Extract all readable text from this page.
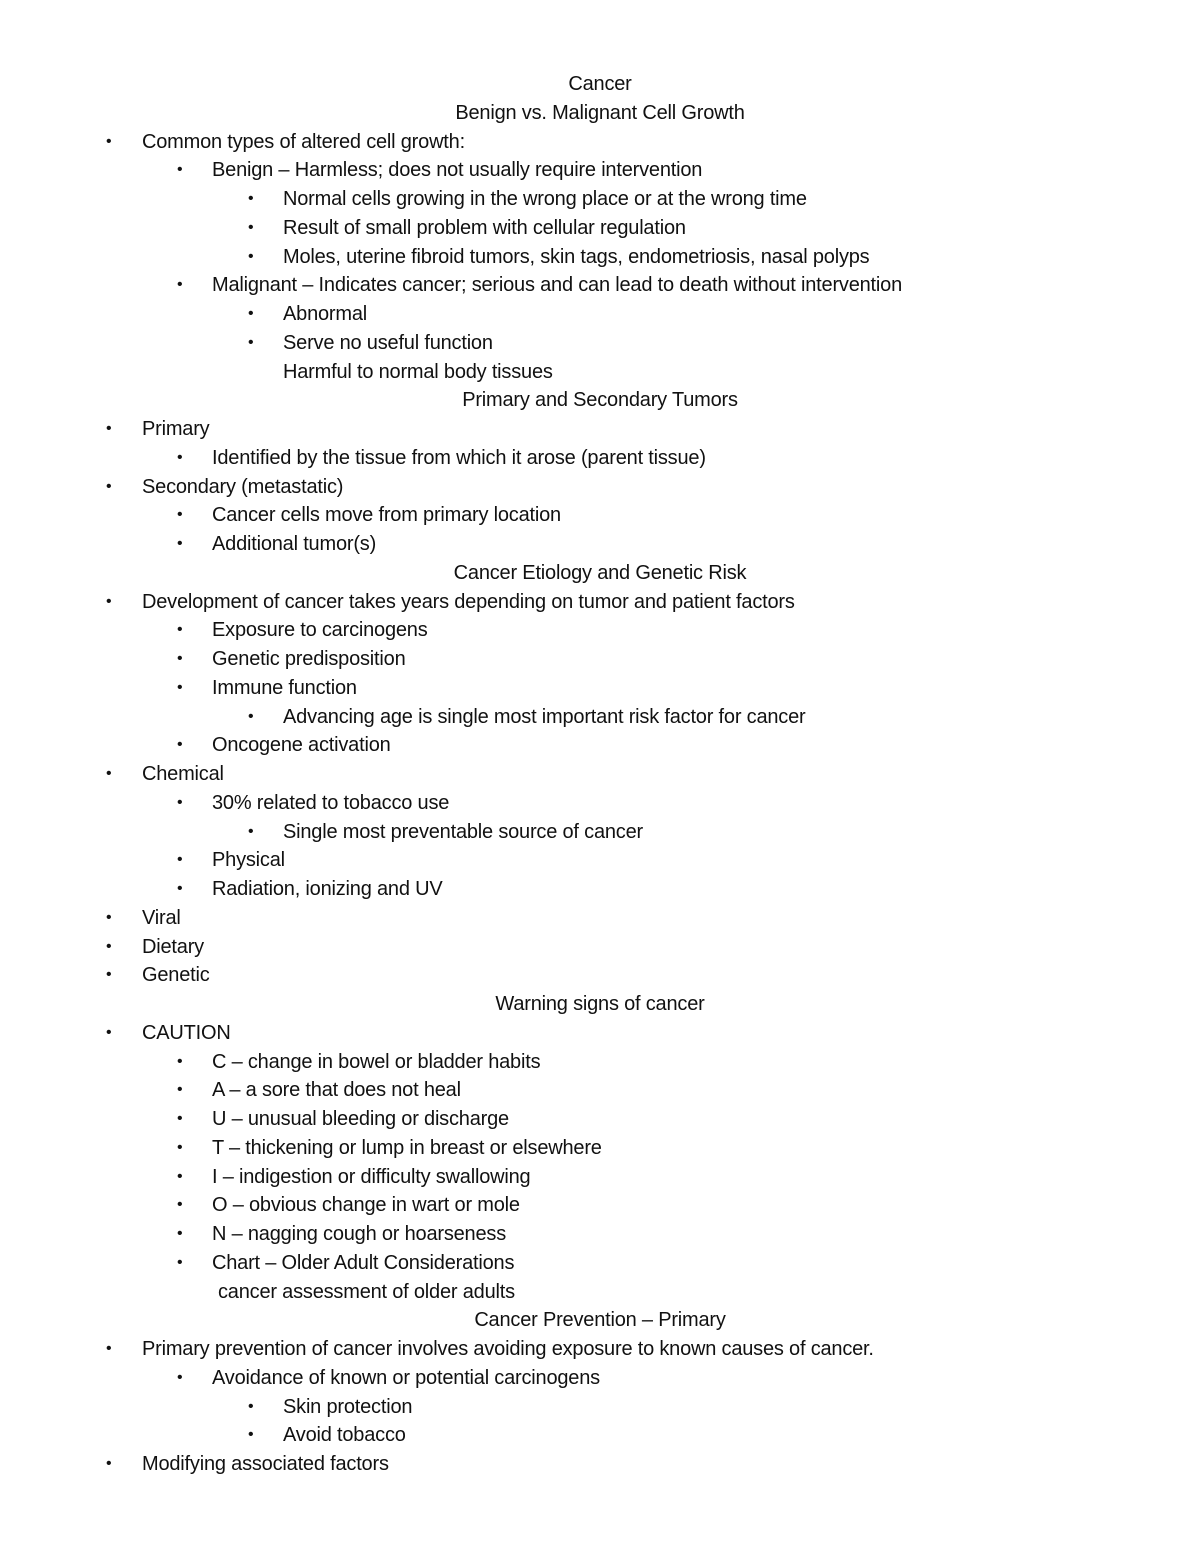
Cancer
Benign vs. Malignant Cell Growth
• Common types of altered cell growth:
• Benign – Harmless; does not usually require intervention
• Normal cells growing in the wrong place or at the wrong time
• Result of small problem with cellular regulation
• Moles, uterine fibroid tumors, skin tags, endometriosis, nasal polyps
• Malignant – Indicates cancer; serious and can lead to death without intervention
• Abnormal
• Serve no useful function
Harmful to normal body tissues
Primary and Secondary Tumors
• Primary
• Identified by the tissue from which it arose (parent tissue)
• Secondary (metastatic)
• Cancer cells move from primary location
• Additional tumor(s)
Cancer Etiology and Genetic Risk
• Development of cancer takes years depending on tumor and patient factors
• Exposure to carcinogens
• Genetic predisposition
• Immune function
• Advancing age is single most important risk factor for cancer
• Oncogene activation
• Chemical
• 30% related to tobacco use
• Single most preventable source of cancer
• Physical
• Radiation, ionizing and UV
• Viral
• Dietary
• Genetic
Warning signs of cancer
• CAUTION
• C – change in bowel or bladder habits
• A – a sore that does not heal
• U – unusual bleeding or discharge
• T – thickening or lump in breast or elsewhere
• I – indigestion or difficulty swallowing
• O – obvious change in wart or mole
• N – nagging cough or hoarseness
• Chart – Older Adult Considerations
cancer assessment of older adults
Cancer Prevention – Primary
• Primary prevention of cancer involves avoiding exposure to known causes of cancer.
• Avoidance of known or potential carcinogens
• Skin protection
• Avoid tobacco
• Modifying associated factors
